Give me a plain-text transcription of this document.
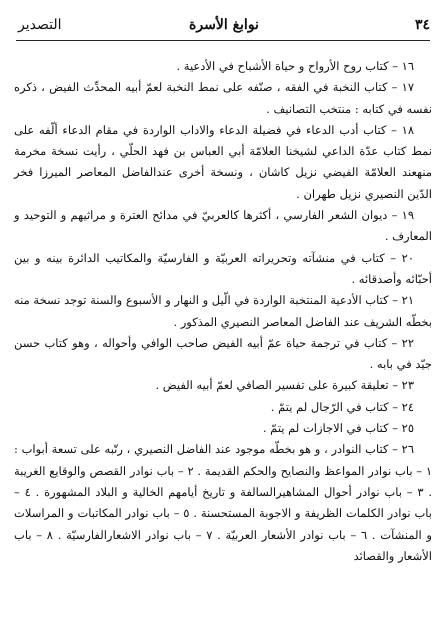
٣٤
نوابغ الأسرة
التصدير

١٦ – كتاب روح الأرواح و حياة الأشباح في الأدعية .

١٧ – كتاب النخبة في الفقه ، صنّفه على نمط النخبة لعمّ أبيه المحدِّث الفيض ، ذكره نفسه في كتابه : منتخب التصانيف .

١٨ – كتاب أدب الدعاء في فضيلة الدعاء والاداب الواردة في مقام الدعاء ألّفه على نمط كتاب عدّة الداعي لشيخنا العلامّة أبي العباس بن فهد الحلّي ، رأيت نسخة مخرمة منهعند العلامّة الفيضي نزيل كاشان ، ونسخة أخرى عندالفاضل المعاصر الميرزا فخر الدّين النصيري نزيل طهران .

١٩ – ديوان الشعر الفارسي ، أكثرها كالعربيّ في مدائح العترة و مراثيهم و التوحيد و المعارف .

٢٠ – كتاب في منشآته وتحريراته العربيّة و الفارسيّة والمكاتيب الدائرة بينه و بين أحبّائه وأصدقائه .

٢١ – كتاب الأدعية المنتخبة الواردة في الّيل و النهار و الأسبوع والسنة توجد نسخة منه بخطّه الشريف عند الفاضل المعاصر النصيري المذكور .

٢٢ – كتاب في ترجمة حياة عمّ أبيه الفيض صاحب الوافي وأحواله ، وهو كتاب حسن جيّد في بابه .

٢٣ – تعليقة كبيرة على تفسير الصافي لعمّ أبيه الفيض .

٢٤ – كتاب في الرّجال لم يتمّ .

٢٥ – كتاب في الاجازات لم يتمّ .

٢٦ – كتاب النوادر ، و هو بخطّه موجود عند الفاضل النصيري ، رتّبه على تسعة أبواب : ١ – باب نوادر المواعظ والنصايح والحكم القديمة . ٢ – باب نوادر القصص والوقايع الغريبة . ٣ – باب نوادر أحوال المشاهيرالسالفة و تاريخ أيامهم الخالية و البلاد المشهورة . ٤ – باب نوادر الكلمات الظريفة و الاجوبة المستحسنة . ٥ – باب نوادر المكاتبات و المراسلات و المنشآت . ٦ – باب نوادر الأشعار العربيّة . ٧ – باب نوادر الاشعارالفارسيّة . ٨ – باب الأشعار والقصائد
